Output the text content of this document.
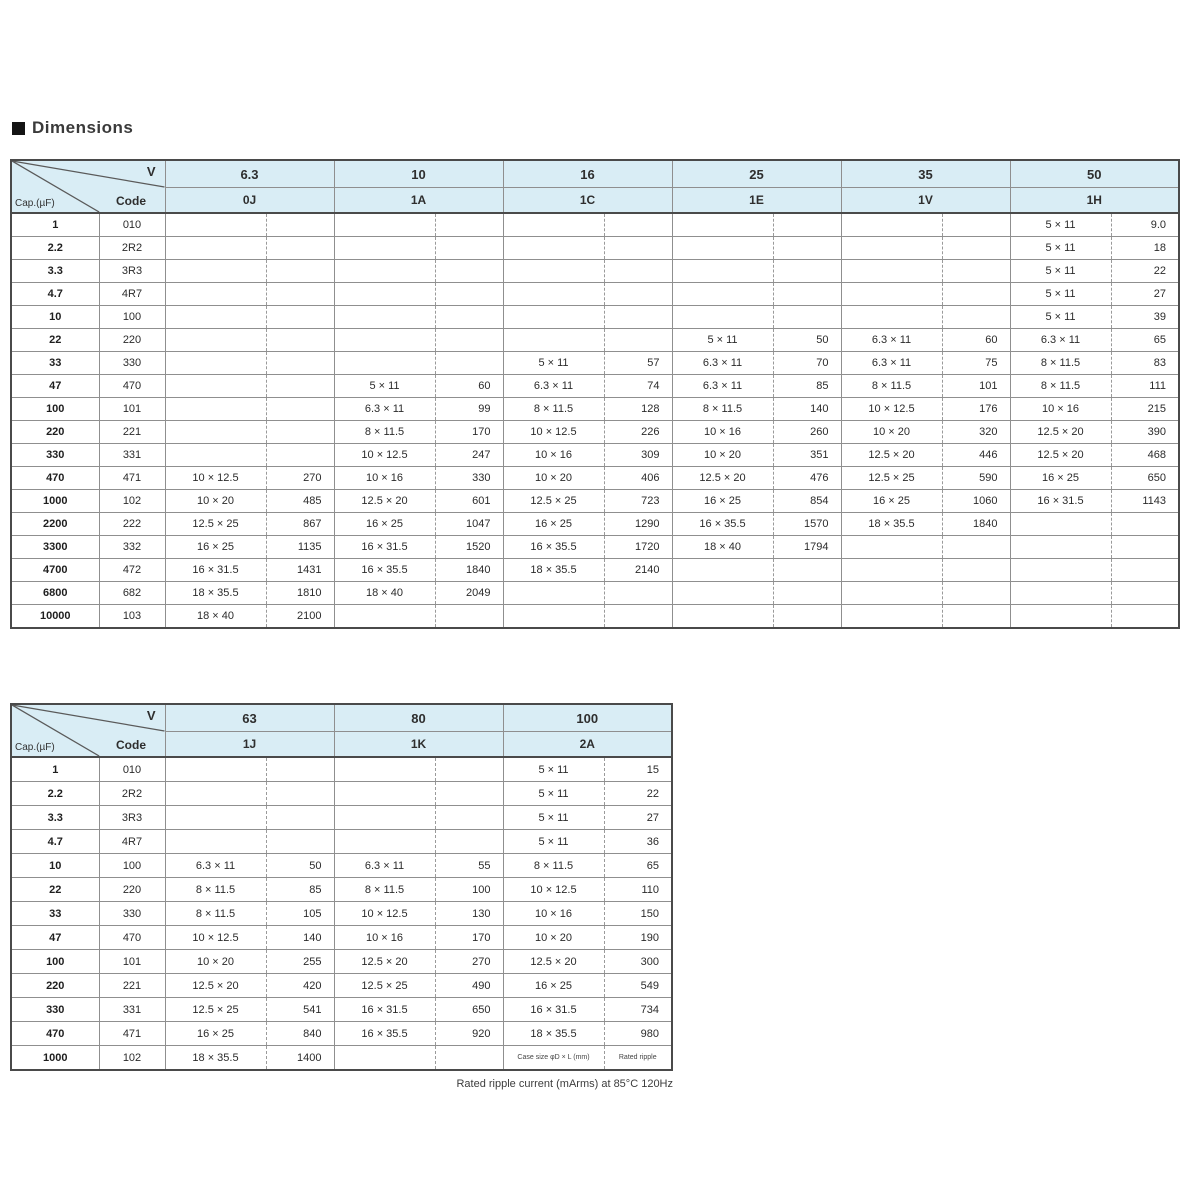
Dimensions
V
Code
Cap.(µF)		6.3		10		16		25		35		50	
		0J		1A		1C		1E		1V		1H	
1	010											5 × 11	9.0
2.2	2R2											5 × 11	18
3.3	3R3											5 × 11	22
4.7	4R7											5 × 11	27
10	100											5 × 11	39
22	220							5 × 11	50	6.3 × 11	60	6.3 × 11	65
33	330					5 × 11	57	6.3 × 11	70	6.3 × 11	75	8 × 11.5	83
47	470			5 × 11	60	6.3 × 11	74	6.3 × 11	85	8 × 11.5	101	8 × 11.5	111
100	101			6.3 × 11	99	8 × 11.5	128	8 × 11.5	140	10 × 12.5	176	10 × 16	215
220	221			8 × 11.5	170	10 × 12.5	226	10 × 16	260	10 × 20	320	12.5 × 20	390
330	331			10 × 12.5	247	10 × 16	309	10 × 20	351	12.5 × 20	446	12.5 × 20	468
470	471	10 × 12.5	270	10 × 16	330	10 × 20	406	12.5 × 20	476	12.5 × 25	590	16 × 25	650
1000	102	10 × 20	485	12.5 × 20	601	12.5 × 25	723	16 × 25	854	16 × 25	1060	16 × 31.5	1143
2200	222	12.5 × 25	867	16 × 25	1047	16 × 25	1290	16 × 35.5	1570	18 × 35.5	1840		
3300	332	16 × 25	1135	16 × 31.5	1520	16 × 35.5	1720	18 × 40	1794				
4700	472	16 × 31.5	1431	16 × 35.5	1840	18 × 35.5	2140						
6800	682	18 × 35.5	1810	18 × 40	2049								
10000	103	18 × 40	2100										
V
Code
Cap.(µF)		63		80		100	
		1J		1K		2A	
1	010					5 × 11	15
2.2	2R2					5 × 11	22
3.3	3R3					5 × 11	27
4.7	4R7					5 × 11	36
10	100	6.3 × 11	50	6.3 × 11	55	8 × 11.5	65
22	220	8 × 11.5	85	8 × 11.5	100	10 × 12.5	110
33	330	8 × 11.5	105	10 × 12.5	130	10 × 16	150
47	470	10 × 12.5	140	10 × 16	170	10 × 20	190
100	101	10 × 20	255	12.5 × 20	270	12.5 × 20	300
220	221	12.5 × 20	420	12.5 × 25	490	16 × 25	549
330	331	12.5 × 25	541	16 × 31.5	650	16 × 31.5	734
470	471	16 × 25	840	16 × 35.5	920	18 × 35.5	980
1000	102	18 × 35.5	1400			Case size φD × L (mm)	Rated ripple
Rated ripple current (mArms) at 85°C 120Hz
